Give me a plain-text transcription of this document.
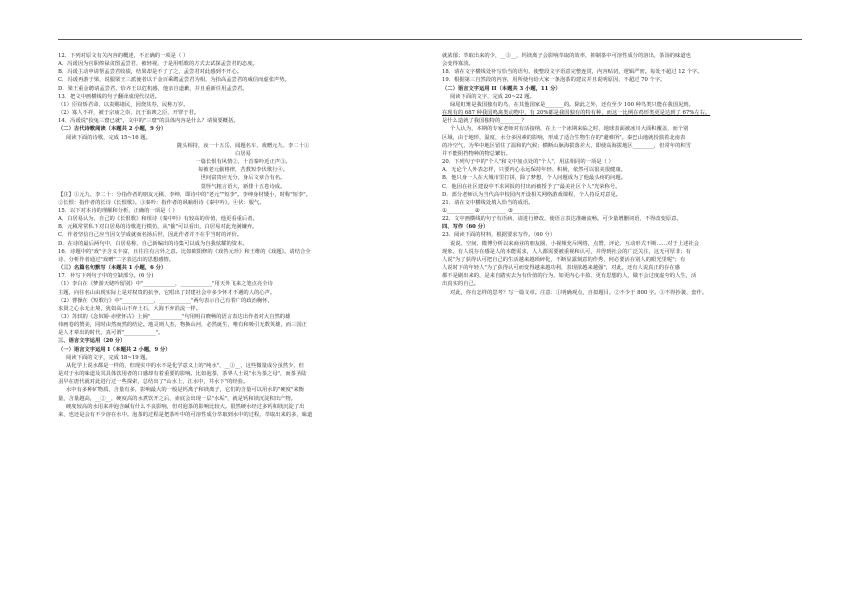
12．下列对原文有关内容的概述，不正确的一项是（ ）
A．冯谖因为官职俸禄贪图孟尝君，被轻视，于是用唱歌的方式去试探孟尝君的态度。
B．冯谖主动申请帮孟尝君收债，结果却是不了了之，孟尝君对此感到不开心。
C．冯谖再游于梁，说服梁王三派使者以千金百乘聘孟尝君为相，为抬高孟尝君的威信而虚张声势。
D．梁王重金聘请孟尝君，恰齐王以危机感，他亲自道歉，并且重新任用孟尝君。
13．把文中画横线的句子翻译成现代汉语。
（1）臣窃矫君命，以责赐诸民，因烧其券，民称万岁。
（2）寡人不祥，被于宗庙之祟，沉于谄谀之臣，开罪于君。
14．冯谖说"狡兔三窟已就"，文中的"三窟"的具体内容是什么？请简要概括。
（二）古代诗歌阅读（本题共 2 小题，9 分）
阅读下面的诗歌，完成 15~16 题。
陇头相持，夜一十五岳，闻题名车，戏赠元九、李二十①
白居易
一篇长恨有风情②，十首秦吟近正声③。
每被老元偷格律，苦教短李伏歌行④。
世间富贵应无分，身后文章合有名。
莫怪气粗言语大，新排十五卷诗成。
【注】①元九、李二十：分指作者的朋友元稹、李绅，即诗中的"老元""短李"。李绅身材矮小，时称"短李"。
②长恨：指作者的长诗《长恨歌》。③秦吟：指作者的讽喻组诗《秦中吟》。④伏：服气。
15．以下对本诗的理解和分析，正确的一项是（ ）
A．白居易认为，自己的《长恨歌》和组诗《秦中吟》有较高的价值，他更看重后者。
B．元稹常常私下对白居易的诗歌进行模仿，从"偷"可以看出，白居易对此充满嫌弃。
C．作者坚信自己应当因文学成就而名扬后世，因此作者并不在乎当时的评价。
D．在诗的最后两句中，白居易称，自己新编出的诗集可以成为自我炫耀的资本。
16．诗题中的"戏"字含义丰富，且往往有言外之意。比如欧阳修的《戏答元珍》和王维的《戏题》。请结合全
诗，分析作者通过"戏赠"二字表达出的思想感情。
（三）名篇名句默写（本题共 1 小题，6 分）
17．补写下列句子中的空缺部分。(6 分)
（1）李白在《梦游天姥吟留别》中"____________，____________"用天外飞来之笔点亮全诗
主题，向往名山由现实际上是对权贵的抗争，它唱出了封建社会中多少怀才不遇的人的心声。
（2）曹操在《短歌行》中"____________，____________"两句表示自己有着广的政治胸怀，
求贤之心永无止境，犹如高山不弃土石，大海不弃涓流一样。
（3）苏轼的《念奴娇·赤壁怀古》上阕"____________"句用明白晓畅的语言表达出作者对大自然的雄
伟画卷的赞美，同时由然而然的结论。地灵则人杰，物换山河，必然诞生，唯有和吸引无数英雄，而三国正
是人才辈出的时代，真可谓"____________"。
三、语言文字运用（20 分）
（一）语言文字运用 I（本题共 2 小题，9 分）
阅读下面的文字，完成 18~19 题。
从化学上说水都是一样的，但现实中的水不是化学意义上的"纯水"，__①__，这些微量成分虽然少，但
是对于水的味道及其具体饮用者的口感却有着重要的影响。比如泡茶，茶界人士说"水为茶之母"，而茶圣陆
羽早在唐代就对此进行过一些探索，总结出了"山水上，江水中，井水下"的经验。
水中有多种矿物质，含量有多，影响最大的一般是钙离子和镁离子，它们的含量可以用水的"硬度"来衡
量，含量越高，__②__，硬度高的水煮饮开之后，壶底会出现一层"水垢"，就是钙和镁沉淀积出产物。
硬度较高的水用来冲泡含碱有什么不良影响，但对泡茶的影响比较大。很然硬水经过多钙和镁沉淀了出
来，也还是会有不少溶在水中。泡茶的过程是把茶叶中的可溶性成分萃取到水中的过程，萃取出来的多，味道
就浓郁；萃取出来的少，__③__，钙镁离子会影响萃取的效率，抑制茶中可溶性成分的溶出，茶汤的味道也
会变得寡淡。
18．请在文字横线处补写恰当的语句，使整段文字语意完整连贯，内容贴切，逻辑严密。每处不超过 12 个字。
19．根据第三自然段的内容，用所使句给大家一条泡茶的建议并且说明原因，不超过 70 个字。
（二）语言文字运用 II（本题共 3 小题，11 分）
阅读下面的文字，完成 20~22 题。
绿尾虹雉是我国独有的鸟，在其他国家是_______的。除此之外，还有至少 100 种鸟类只能在我国见到。
在现有的 687 种我国鸣禽类动物中，有 20%都是我国独有的特有种，而这一比例在鸡形类更是达到了 67%左右。
是什么造就了我国独特的________？
个人认为，本期的专家老师对有活接纳，在上一个冰期来临之时，地球表面被冰川大面积覆盖，而个别
区域，由于地形，温度，水分多因素的影响，形成了适合生物生存的"避难所"。秦巴山地就扮演着北南表
的冷空气，为华中地区留住了温和的气候；横断山脉海拔落差大，即使高海拔地区________，但常年的积雪
并不能阻挡物种的物总繁衍。
20．下列句子中的"个人"和文中加点处的"个人"，用法相同的一项是（ ）
A．无论个人外表怎样，只要内心永远保持年轻、积极，依然可以很美很健康。
B．他只身一人在大城市里打拼，除了梦想，个人问题成为了他最头疼的问题。
C．他因在社区建设中不求回报的付出而被授予了"最美社区个人"光荣称号。
D．部分老师认为当代高中校园内开设相关网络游戏课程，个人持反对意见。
21．请在文中横线处填入恰当的成语。
①__________ ②__________ ③__________
22．文中画横线的句子有语病，请进行修改，使语言表达准确流畅。可少量增删词语，不得改变原意。
四、写作（60 分）
23．阅读下面的材料，根据要求写作。（60 分）
说说、空间、微博分析以来商业的朋友圈，小视频充斥网络，点赞、评论、互动形式不断……对于上述社会
现象，有人说存在感是人的本能需求，人人都需要被重视和认可，并得到社会的广泛关注，这无可厚非；有
人说"为了获得认可把自己的生活越来越琐碎化，不断显露刻意的作秀，何必要活在别人的眼光里呢"；有
人说时下的年轻人"为了获得认可而变得越来越功利，表现欲越来越强"，对此，还有人说真正的存在感
都不是刷出来的，是来自踏实去为有价值的行为，如更内心丰盈、更有思想的人，做不会过度虚夸的人生，活
出真实的自己。
对此，你有怎样的思考？写一篇文章。注意：①明确观点，自拟题目。②不少于 800 字。③不得抄袭、套作。
